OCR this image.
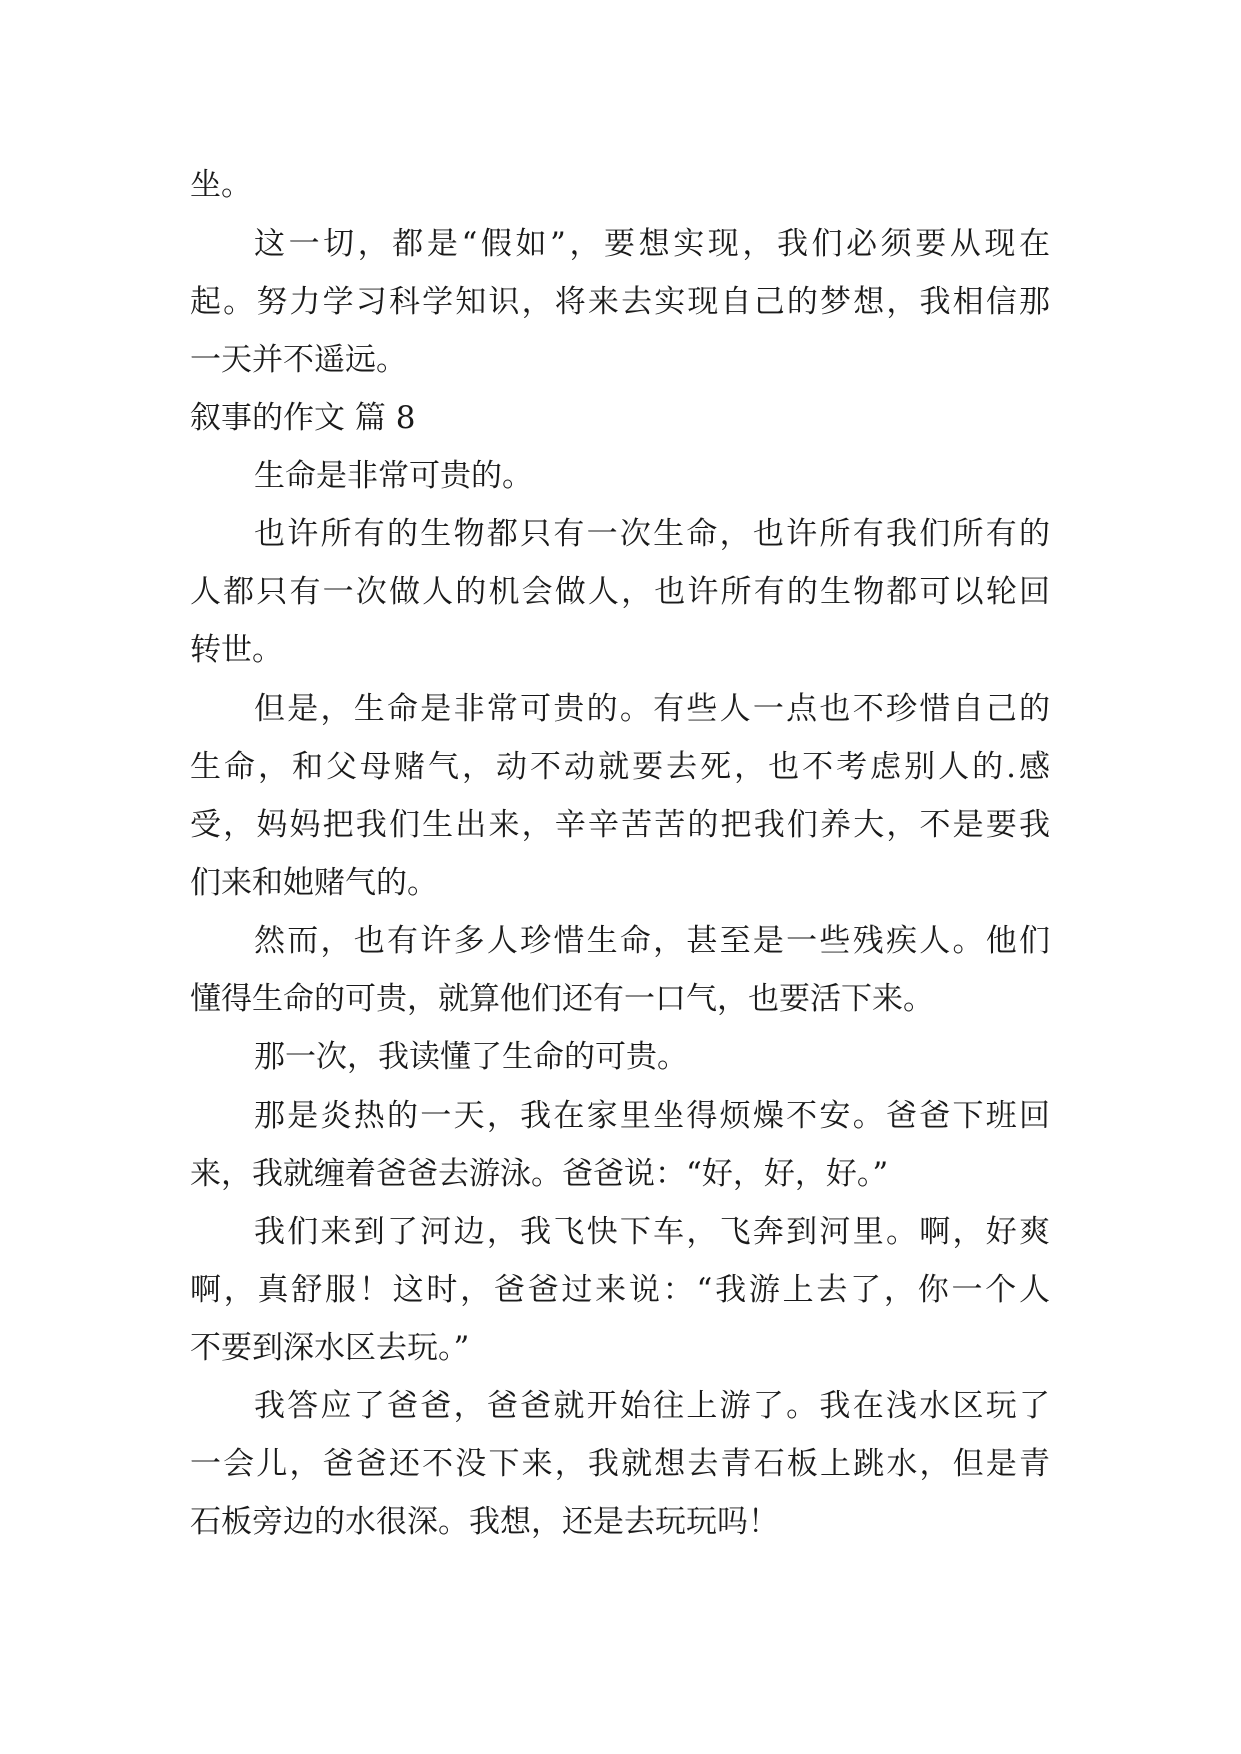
坐。
这一切，都是“假如”，要想实现，我们必须要从现在
起。努力学习科学知识，将来去实现自己的梦想，我相信那
一天并不遥远。
叙事的作文 篇 8
生命是非常可贵的。
也许所有的生物都只有一次生命，也许所有我们所有的
人都只有一次做人的机会做人，也许所有的生物都可以轮回
转世。
但是，生命是非常可贵的。有些人一点也不珍惜自己的
生命，和父母赌气，动不动就要去死，也不考虑别人的.感
受，妈妈把我们生出来，辛辛苦苦的把我们养大，不是要我
们来和她赌气的。
然而，也有许多人珍惜生命，甚至是一些残疾人。他们
懂得生命的可贵，就算他们还有一口气，也要活下来。
那一次，我读懂了生命的可贵。
那是炎热的一天，我在家里坐得烦燥不安。爸爸下班回
来，我就缠着爸爸去游泳。爸爸说：“好，好，好。”
我们来到了河边，我飞快下车，飞奔到河里。啊，好爽
啊，真舒服！这时，爸爸过来说：“我游上去了，你一个人
不要到深水区去玩。”
我答应了爸爸，爸爸就开始往上游了。我在浅水区玩了
一会儿，爸爸还不没下来，我就想去青石板上跳水，但是青
石板旁边的水很深。我想，还是去玩玩吗！
